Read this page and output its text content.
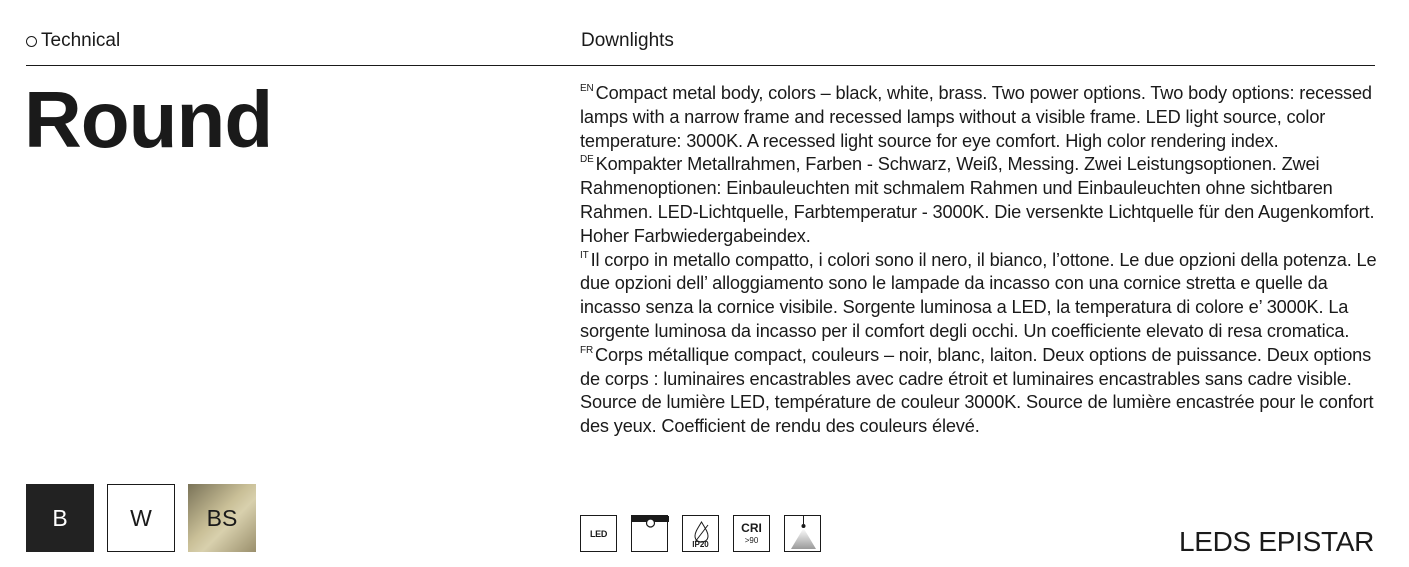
Technical	Downlights
Round	$^{EN}$ Compact metal body, colors – black, white, brass. Two power options. Two body options: recessed lamps with a narrow frame and recessed lamps without a visible frame. LED light source, color temperature: 3000K. A recessed light source for eye comfort. High color rendering index.

$^{DE}$ Kompakter Metallrahmen, Farben - Schwarz, Weiß, Messing. Zwei Leistungsoptionen. Zwei Rahmenoptionen: Einbauleuchten mit schmalem Rahmen und Einbauleuchten ohne sichtbaren Rahmen. LED-Lichtquelle, Farbtemperatur - 3000K. Die versenkte Lichtquelle für den Augenkomfort. Hoher Farbwiedergabeindex.

$^{IT}$ Il corpo in metallo compatto, i colori sono il nero, il bianco, l’ottone. Le due opzioni della potenza. Le due opzioni dell’ alloggiamento sono le lampade da incasso con una cornice stretta e quelle da incasso senza la cornice visibile. Sorgente luminosa a LED, la temperatura di colore e’ 3000K. La sorgente luminosa da incasso per il comfort degli occhi. Un coefficiente elevato di resa cromatica.

$^{FR}$ Corps métallique compact, couleurs – noir, blanc, laiton. Deux options de puissance. Deux options de corps : luminaires encastrables avec cadre étroit et luminaires encastrables sans cadre visible. Source de lumière LED, température de couleur 3000K. Source de lumière encastrée pour le confort des yeux. Coefficient de rendu des couleurs élevé.

B	W	BS
LED
IP20
CRI
>90	LEDS EPISTAR
